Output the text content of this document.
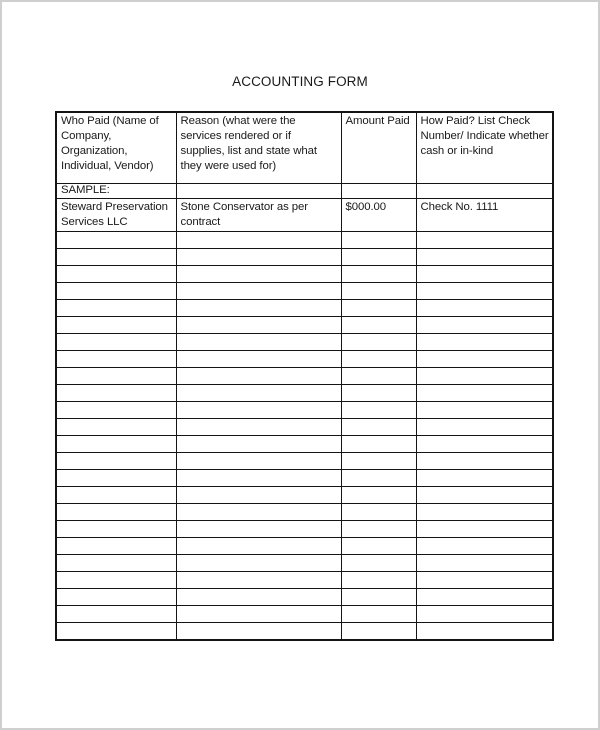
ACCOUNTING FORM
Who Paid (Name of Company, Organization, Individual, Vendor)	Reason (what were the services rendered or if supplies, list and state what they were used for)	Amount Paid	How Paid? List Check Number/ Indicate whether cash or in-kind
SAMPLE:			
Steward Preservation Services LLC	Stone Conservator as per contract	$000.00	Check No. 1111
